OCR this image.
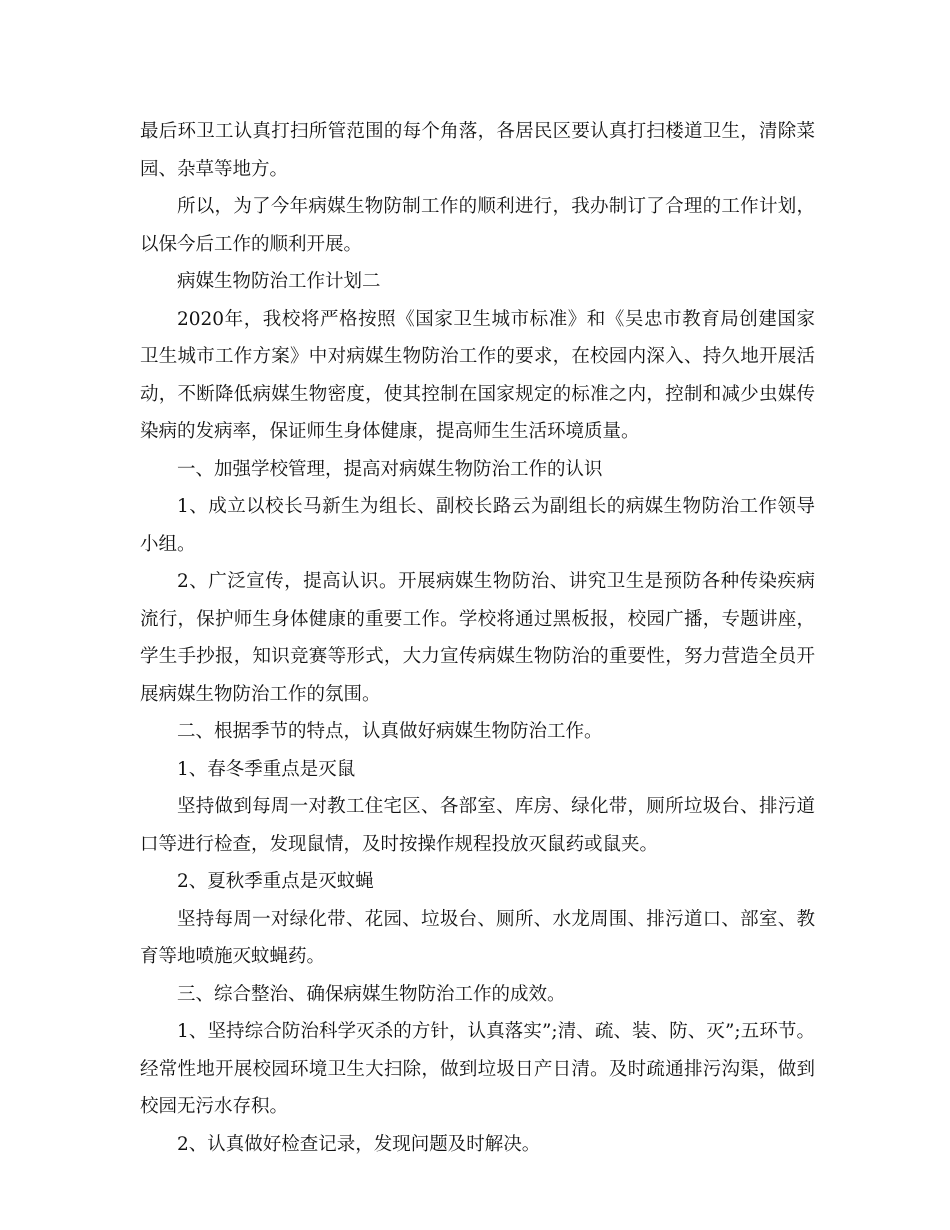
最后环卫工认真打扫所管范围的每个角落，各居民区要认真打扫楼道卫生，清除菜园、杂草等地方。

所以，为了今年病媒生物防制工作的顺利进行，我办制订了合理的工作计划，以保今后工作的顺利开展。

病媒生物防治工作计划二

2020年，我校将严格按照《国家卫生城市标准》和《吴忠市教育局创建国家卫生城市工作方案》中对病媒生物防治工作的要求，在校园内深入、持久地开展活动，不断降低病媒生物密度，使其控制在国家规定的标准之内，控制和减少虫媒传染病的发病率，保证师生身体健康，提高师生生活环境质量。

一、加强学校管理，提高对病媒生物防治工作的认识

1、成立以校长马新生为组长、副校长路云为副组长的病媒生物防治工作领导小组。

2、广泛宣传，提高认识。开展病媒生物防治、讲究卫生是预防各种传染疾病流行，保护师生身体健康的重要工作。学校将通过黑板报，校园广播，专题讲座，学生手抄报，知识竞赛等形式，大力宣传病媒生物防治的重要性，努力营造全员开展病媒生物防治工作的氛围。

二、根据季节的特点，认真做好病媒生物防治工作。

1、春冬季重点是灭鼠

坚持做到每周一对教工住宅区、各部室、库房、绿化带，厕所垃圾台、排污道口等进行检查，发现鼠情，及时按操作规程投放灭鼠药或鼠夹。

2、夏秋季重点是灭蚊蝇

坚持每周一对绿化带、花园、垃圾台、厕所、水龙周围、排污道口、部室、教育等地喷施灭蚊蝇药。

三、综合整治、确保病媒生物防治工作的成效。

1、坚持综合防治科学灭杀的方针，认真落实”;清、疏、装、防、灭”;五环节。经常性地开展校园环境卫生大扫除，做到垃圾日产日清。及时疏通排污沟渠，做到校园无污水存积。

2、认真做好检查记录，发现问题及时解决。
